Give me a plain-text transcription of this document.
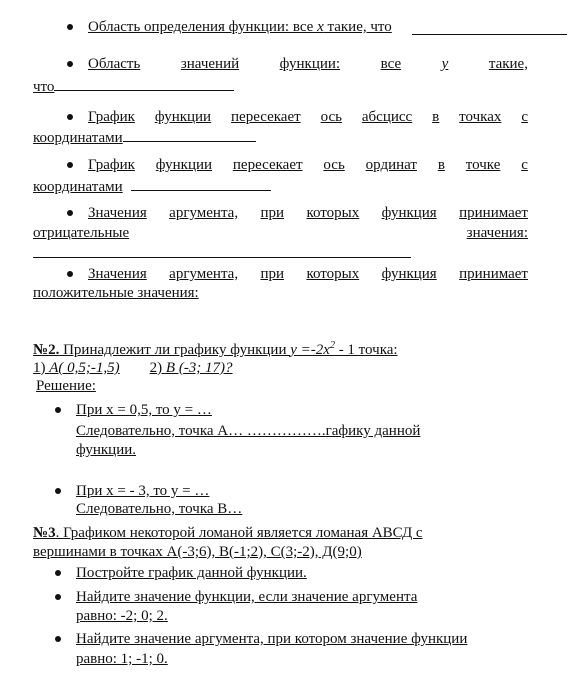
Область определения функции: все x такие, что
Область	значений	функции:	все	y	такие,
что
График функции пересекает ось абсцисс в точках с
координатами
График функции пересекает ось ординат в точке с
координатами
Значения аргумента, при которых функция принимает
отрицательные	значения:
Значения аргумента, при которых функция принимает
положительные значения:
№2. Принадлежит ли графику функции $y =-2x^2 - 1$ точка:
1) A( 0,5;-1,5) 2) B (-3; 17)?
Решение:
При x = 0,5, то y = …
Следовательно, точка А… …………….гафику данной
функции.
При x = - 3, то y = …
Следовательно, точка В…
№3. Графиком некоторой ломаной является ломаная АВСД с
вершинами в точках А(-3;6), В(-1;2), С(3;-2), Д(9;0)
Постройте график данной функции.
Найдите значение функции, если значение аргумента
равно: -2; 0; 2.
Найдите значение аргумента, при котором значение функции
равно: 1; -1; 0.
